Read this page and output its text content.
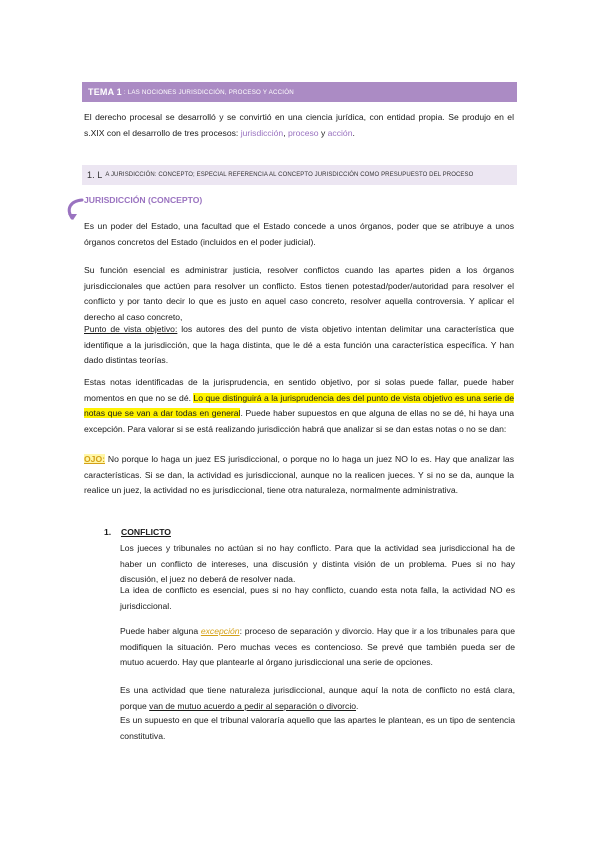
TEMA 1 : LAS NOCIONES JURISDICCIÓN, PROCESO Y ACCIÓN
El derecho procesal se desarrolló y se convirtió en una ciencia jurídica, con entidad propia. Se produjo en el s.XIX con el desarrollo de tres procesos: jurisdicción, proceso y acción.
1. L A JURISDICCIÓN: CONCEPTO; ESPECIAL REFERENCIA AL CONCEPTO JURISDICCIÓN COMO PRESUPUESTO DEL PROCESO
JURISDICCIÓN (CONCEPTO)
Es un poder del Estado, una facultad que el Estado concede a unos órganos, poder que se atribuye a unos órganos concretos del Estado (incluidos en el poder judicial).
Su función esencial es administrar justicia, resolver conflictos cuando las apartes piden a los órganos jurisdiccionales que actúen para resolver un conflicto. Estos tienen potestad/poder/autoridad para resolver el conflicto y por tanto decir lo que es justo en aquel caso concreto, resolver aquella controversia. Y aplicar el derecho al caso concreto,
Punto de vista objetivo: los autores des del punto de vista objetivo intentan delimitar una característica que identifique a la jurisdicción, que la haga distinta, que le dé a esta función una característica específica. Y han dado distintas teorías.
Estas notas identificadas de la jurisprudencia, en sentido objetivo, por si solas puede fallar, puede haber momentos en que no se dé. Lo que distinguirá a la jurisprudencia des del punto de vista objetivo es una serie de notas que se van a dar todas en general. Puede haber supuestos en que alguna de ellas no se dé, hi haya una excepción. Para valorar si se está realizando jurisdicción habrá que analizar si se dan estas notas o no se dan:
OJO: No porque lo haga un juez ES jurisdiccional, o porque no lo haga un juez NO lo es. Hay que analizar las características. Si se dan, la actividad es jurisdiccional, aunque no la realicen jueces. Y si no se da, aunque la realice un juez, la actividad no es jurisdiccional, tiene otra naturaleza, normalmente administrativa.
1. CONFLICTO
Los jueces y tribunales no actúan si no hay conflicto. Para que la actividad sea jurisdiccional ha de haber un conflicto de intereses, una discusión y distinta visión de un problema. Pues si no hay discusión, el juez no deberá de resolver nada.
La idea de conflicto es esencial, pues si no hay conflicto, cuando esta nota falla, la actividad NO es jurisdiccional.
Puede haber alguna excepción: proceso de separación y divorcio. Hay que ir a los tribunales para que modifiquen la situación. Pero muchas veces es contencioso. Se prevé que también pueda ser de mutuo acuerdo. Hay que plantearle al órgano jurisdiccional una serie de opciones.
Es una actividad que tiene naturaleza jurisdiccional, aunque aquí la nota de conflicto no está clara, porque van de mutuo acuerdo a pedir al separación o divorcio.
Es un supuesto en que el tribunal valoraría aquello que las apartes le plantean, es un tipo de sentencia constitutiva.
